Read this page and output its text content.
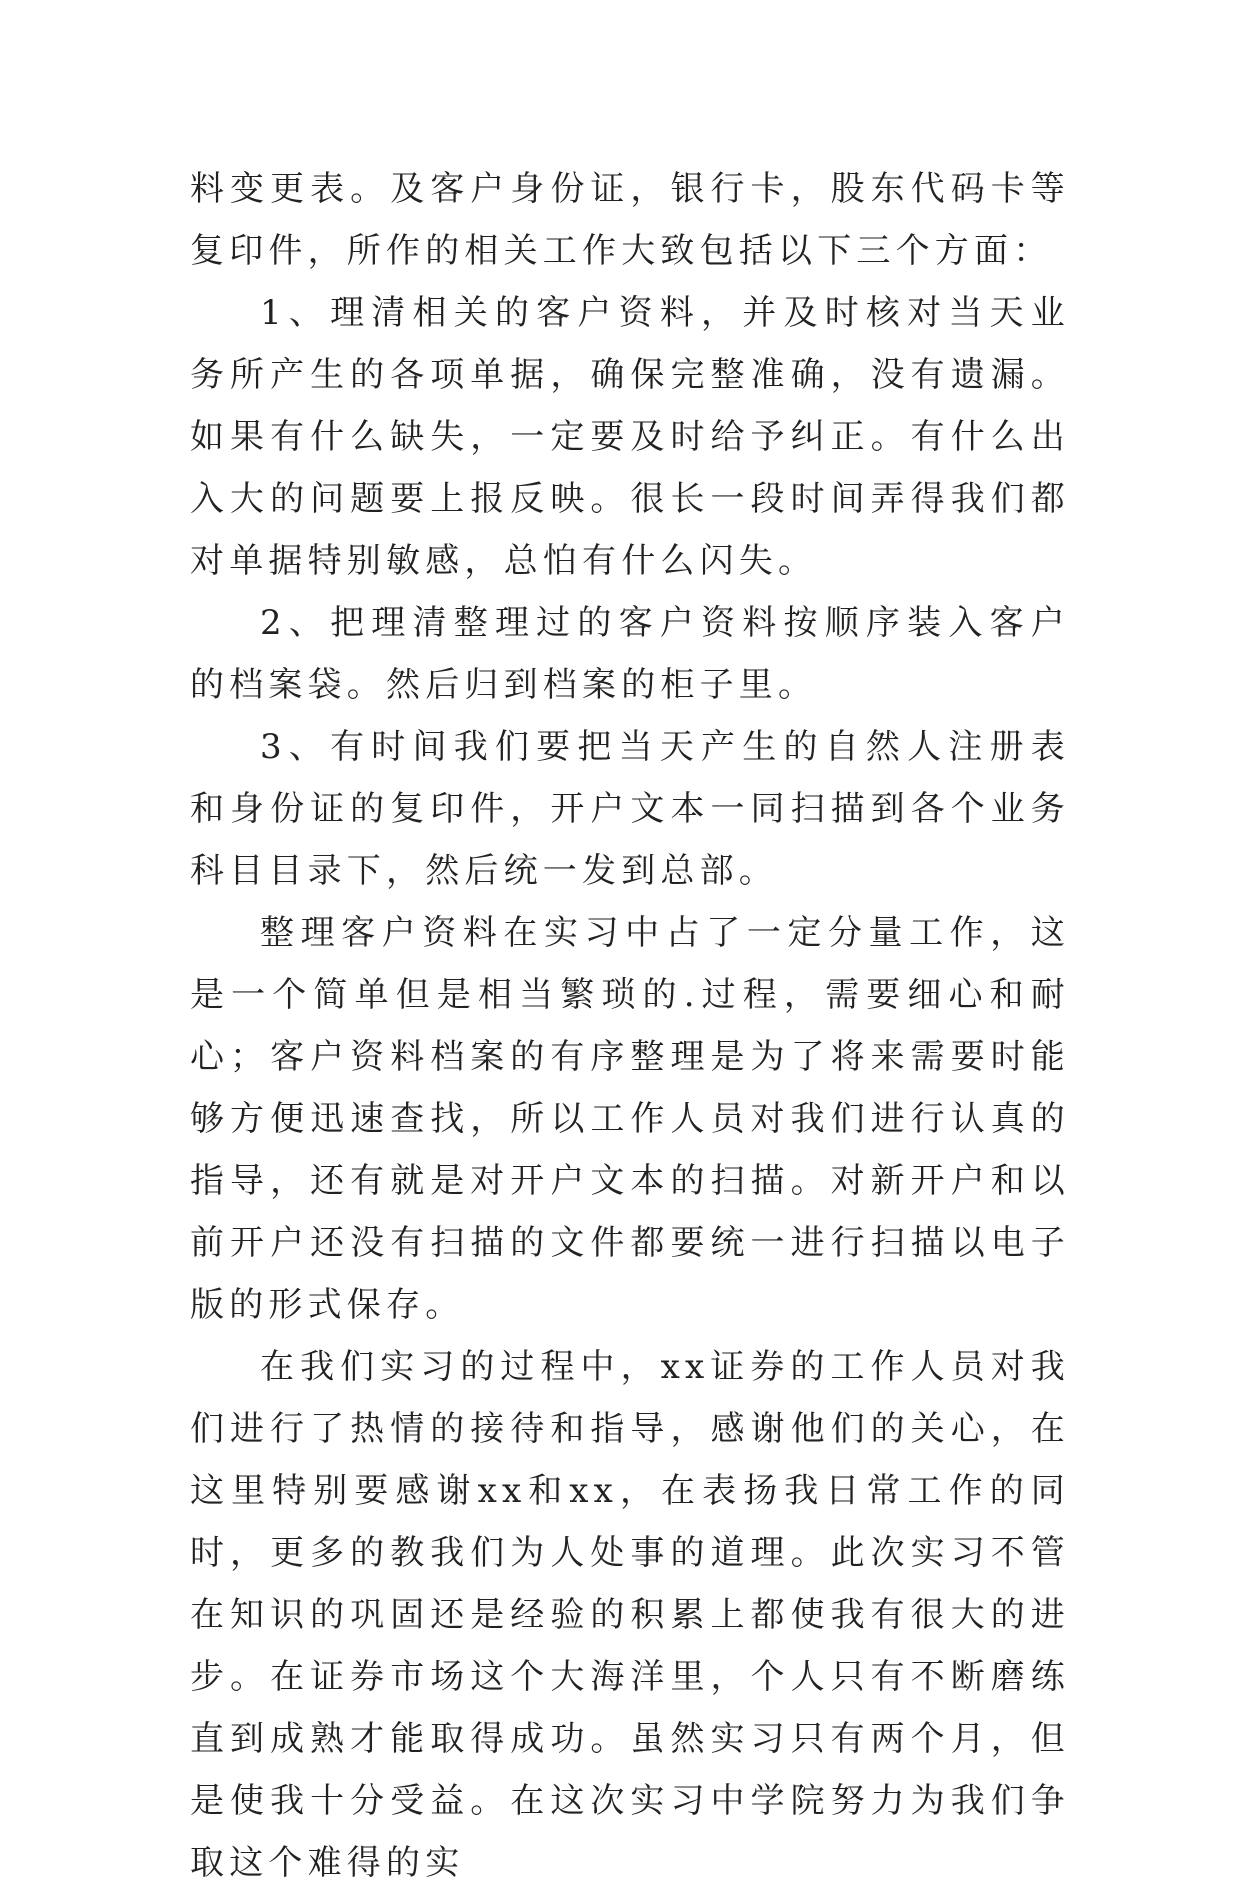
料变更表。及客户身份证，银行卡，股东代码卡等复印件，所作的相关工作大致包括以下三个方面：

1、理清相关的客户资料，并及时核对当天业务所产生的各项单据，确保完整准确，没有遗漏。如果有什么缺失，一定要及时给予纠正。有什么出入大的问题要上报反映。很长一段时间弄得我们都对单据特别敏感，总怕有什么闪失。

2、把理清整理过的客户资料按顺序装入客户的档案袋。然后归到档案的柜子里。

3、有时间我们要把当天产生的自然人注册表和身份证的复印件，开户文本一同扫描到各个业务科目目录下，然后统一发到总部。

整理客户资料在实习中占了一定分量工作，这是一个简单但是相当繁琐的.过程，需要细心和耐心；客户资料档案的有序整理是为了将来需要时能够方便迅速查找，所以工作人员对我们进行认真的指导，还有就是对开户文本的扫描。对新开户和以前开户还没有扫描的文件都要统一进行扫描以电子版的形式保存。

在我们实习的过程中，xx证券的工作人员对我们进行了热情的接待和指导，感谢他们的关心，在这里特别要感谢xx和xx，在表扬我日常工作的同时，更多的教我们为人处事的道理。此次实习不管在知识的巩固还是经验的积累上都使我有很大的进步。在证券市场这个大海洋里，个人只有不断磨练直到成熟才能取得成功。虽然实习只有两个月，但是使我十分受益。在这次实习中学院努力为我们争取这个难得的实
